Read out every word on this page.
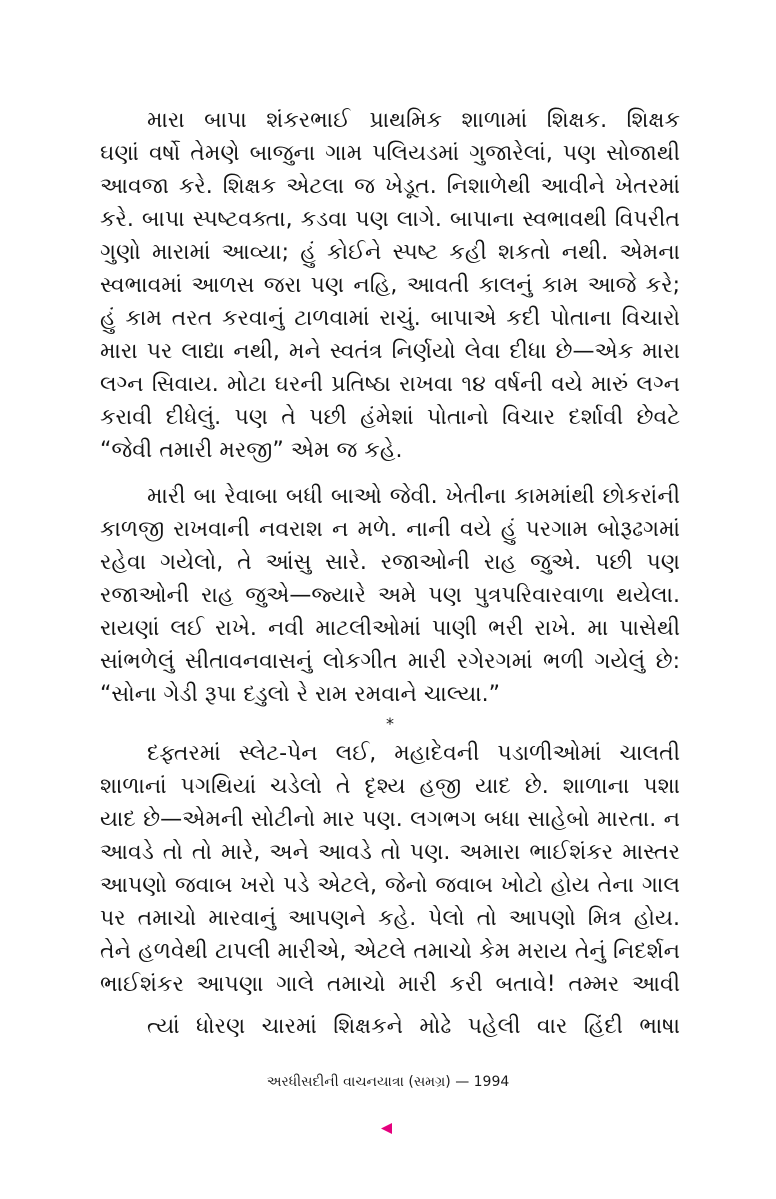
મારા બાપા શંકરભાઈ પ્રાથમિક શાળામાં શિક્ષક. શિક્ષક
ઘણાં વર્ષો તેમણે બાજુના ગામ પલિયડમાં ગુજારેલાં, પણ સોજાથી
આવજા કરે. શિક્ષક એટલા જ ખેડૂત. નિશાળેથી આવીને ખેતરમાં
કરે. બાપા સ્પષ્ટવક્તા, કડવા પણ લાગે. બાપાના સ્વભાવથી વિપરીત
ગુણો મારામાં આવ્યા; હું કોઈને સ્પષ્ટ કહી શકતો નથી. એમના
સ્વભાવમાં આળસ જરા પણ નહિ, આવતી કાલનું કામ આજે કરે;
હું કામ તરત કરવાનું ટાળવામાં રાચું. બાપાએ કદી પોતાના વિચારો
મારા પર લાદ્યા નથી, મને સ્વતંત્ર નિર્ણયો લેવા દીધા છે—એક મારા
લગ્ન સિવાય. મોટા ઘરની પ્રતિષ્ઠા રાખવા ૧૪ વર્ષની વયે મારું લગ્ન
કરાવી દીધેલું. પણ તે પછી હંમેશાં પોતાનો વિચાર દર્શાવી છેવટે
“જેવી તમારી મરજી” એમ જ કહે.
મારી બા રેવાબા બધી બાઓ જેવી. ખેતીના કામમાંથી છોકરાંની
કાળજી રાખવાની નવરાશ ન મળે. નાની વયે હું પરગામ બોરૂઢગમાં
રહેવા ગયેલો, તે આંસુ સારે. રજાઓની રાહ જુએ. પછી પણ
રજાઓની રાહ જુએ—જ્યારે અમે પણ પુત્રપરિવારવાળા થયેલા.
રાયણાં લઈ રાખે. નવી માટલીઓમાં પાણી ભરી રાખે. મા પાસેથી
સાંભળેલું સીતાવનવાસનું લોકગીત મારી રગેરગમાં ભળી ગયેલું છે:
“સોના ગેડી રૂપા દડુલો રે રામ રમવાને ચાલ્યા.”
*
દફ્તરમાં સ્લેટ-પેન લઈ, મહાદેવની પડાળીઓમાં ચાલતી
શાળાનાં પગથિયાં ચડેલો તે દૃશ્ય હજી યાદ છે. શાળાના પશા
યાદ છે—એમની સોટીનો માર પણ. લગભગ બધા સાહેબો મારતા. ન
આવડે તો તો મારે, અને આવડે તો પણ. અમારા ભાઈશંકર માસ્તર
આપણો જવાબ ખરો પડે એટલે, જેનો જવાબ ખોટો હોય તેના ગાલ
પર તમાચો મારવાનું આપણને કહે. પેલો તો આપણો મિત્ર હોય.
તેને હળવેથી ટાપલી મારીએ, એટલે તમાચો કેમ મરાય તેનું નિદર્શન
ભાઈશંકર આપણા ગાલે તમાચો મારી કરી બતાવે! તમ્મર આવી
ત્યાં ધોરણ ચારમાં શિક્ષકને મોઢે પહેલી વાર હિંદી ભાષા
અરધીસદીની વાચનયાત્રા (સમગ્ર) — 1994
